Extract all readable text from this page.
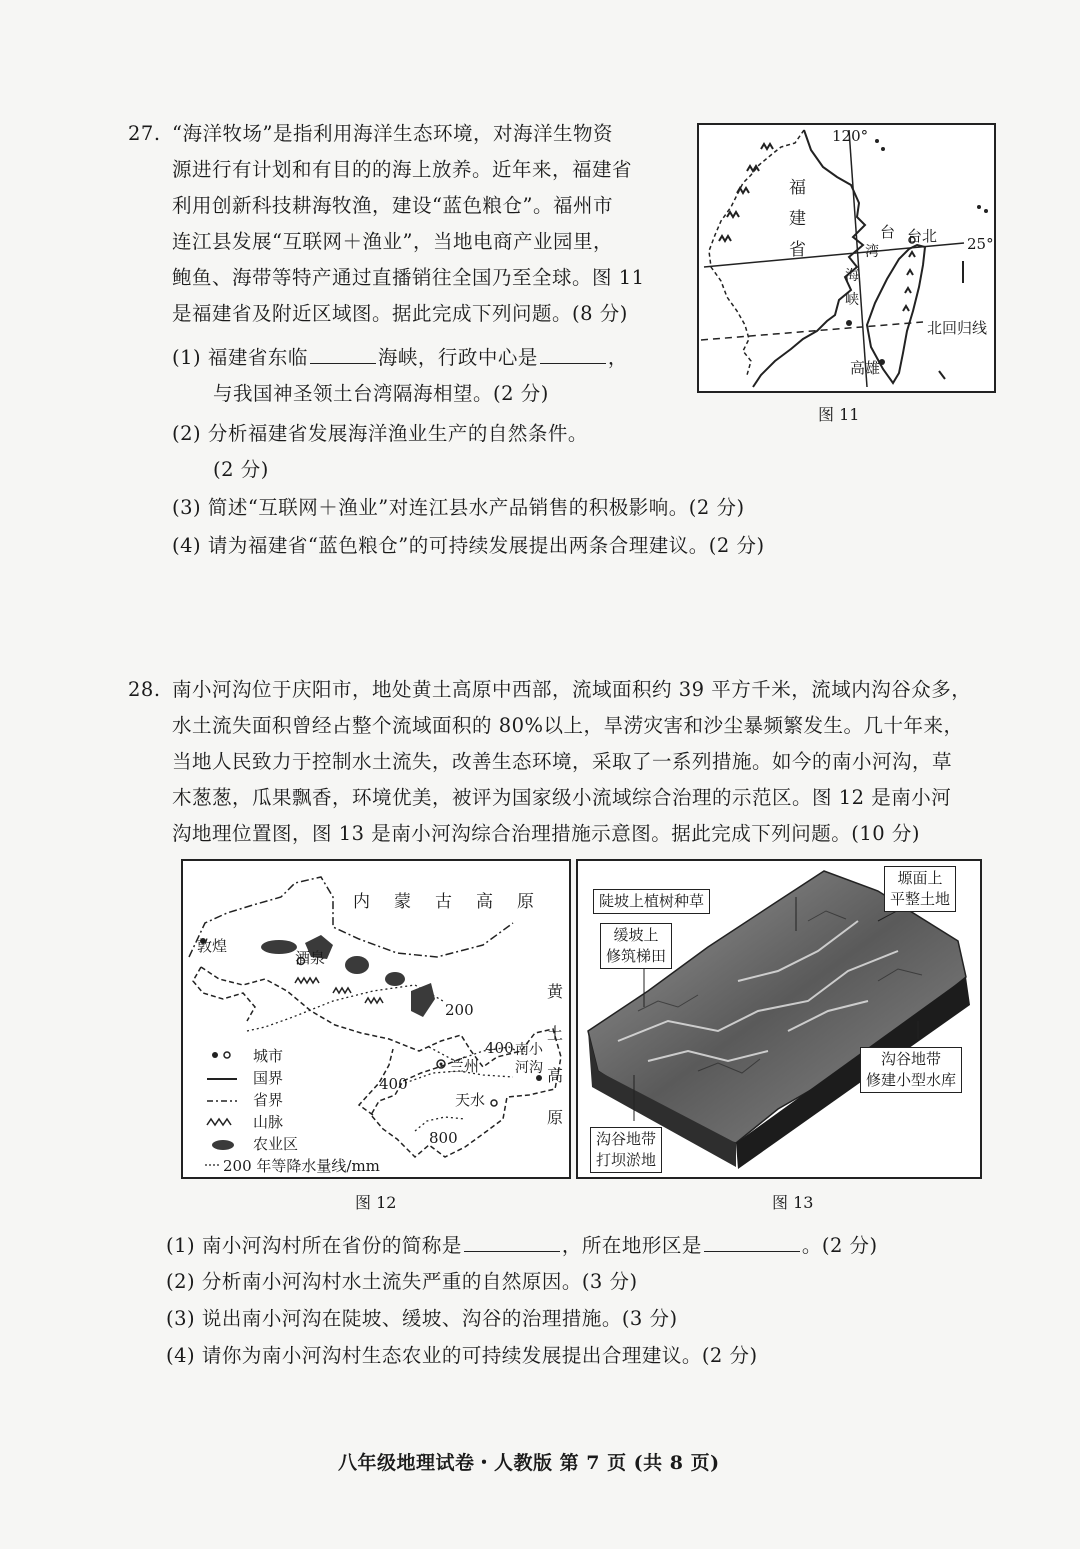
27. “海洋牧场”是指利用海洋生态环境，对海洋生物资
源进行有计划和有目的的海上放养。近年来，福建省
利用创新科技耕海牧渔，建设“蓝色粮仓”。福州市
连江县发展“互联网＋渔业”，当地电商产业园里，
鲍鱼、海带等特产通过直播销往全国乃至全球。图 11
是福建省及附近区域图。据此完成下列问题。(8 分)
(1) 福建省东临	海峡，行政中心是	，
与我国神圣领土台湾隔海相望。(2 分)
(2) 分析福建省发展海洋渔业生产的自然条件。
(2 分)
(3) 简述“互联网＋渔业”对连江县水产品销售的积极影响。(2 分)
(4) 请为福建省“蓝色粮仓”的可持续发展提出两条合理建议。(2 分)
120°
25°
福
建
省
台
湾
海
峡
台北
高雄
北回归线
图 11
28. 南小河沟位于庆阳市，地处黄土高原中西部，流域面积约 39 平方千米，流域内沟谷众多，
水土流失面积曾经占整个流域面积的 80%以上，旱涝灾害和沙尘暴频繁发生。几十年来，
当地人民致力于控制水土流失，改善生态环境，采取了一系列措施。如今的南小河沟，草
木葱葱，瓜果飘香，环境优美，被评为国家级小流域综合治理的示范区。图 12 是南小河
沟地理位置图，图 13 是南小河沟综合治理措施示意图。据此完成下列问题。(10 分)
内 蒙 古 高 原
黄
土
高
原
敦煌
酒泉
兰州
天水
南小
河沟
200
400
400
800
城市
国界
省界
山脉
农业区
200 年等降水量线/mm
图 12
陡坡上植树种草
缓坡上
修筑梯田
塬面上
平整土地
沟谷地带
修建小型水库
沟谷地带
打坝淤地
图 13
(1) 南小河沟村所在省份的简称是	，所在地形区是	。(2 分)
(2) 分析南小河沟村水土流失严重的自然原因。(3 分)
(3) 说出南小河沟在陡坡、缓坡、沟谷的治理措施。(3 分)
(4) 请你为南小河沟村生态农业的可持续发展提出合理建议。(2 分)
八年级地理试卷・人教版 第 7 页 (共 8 页)
